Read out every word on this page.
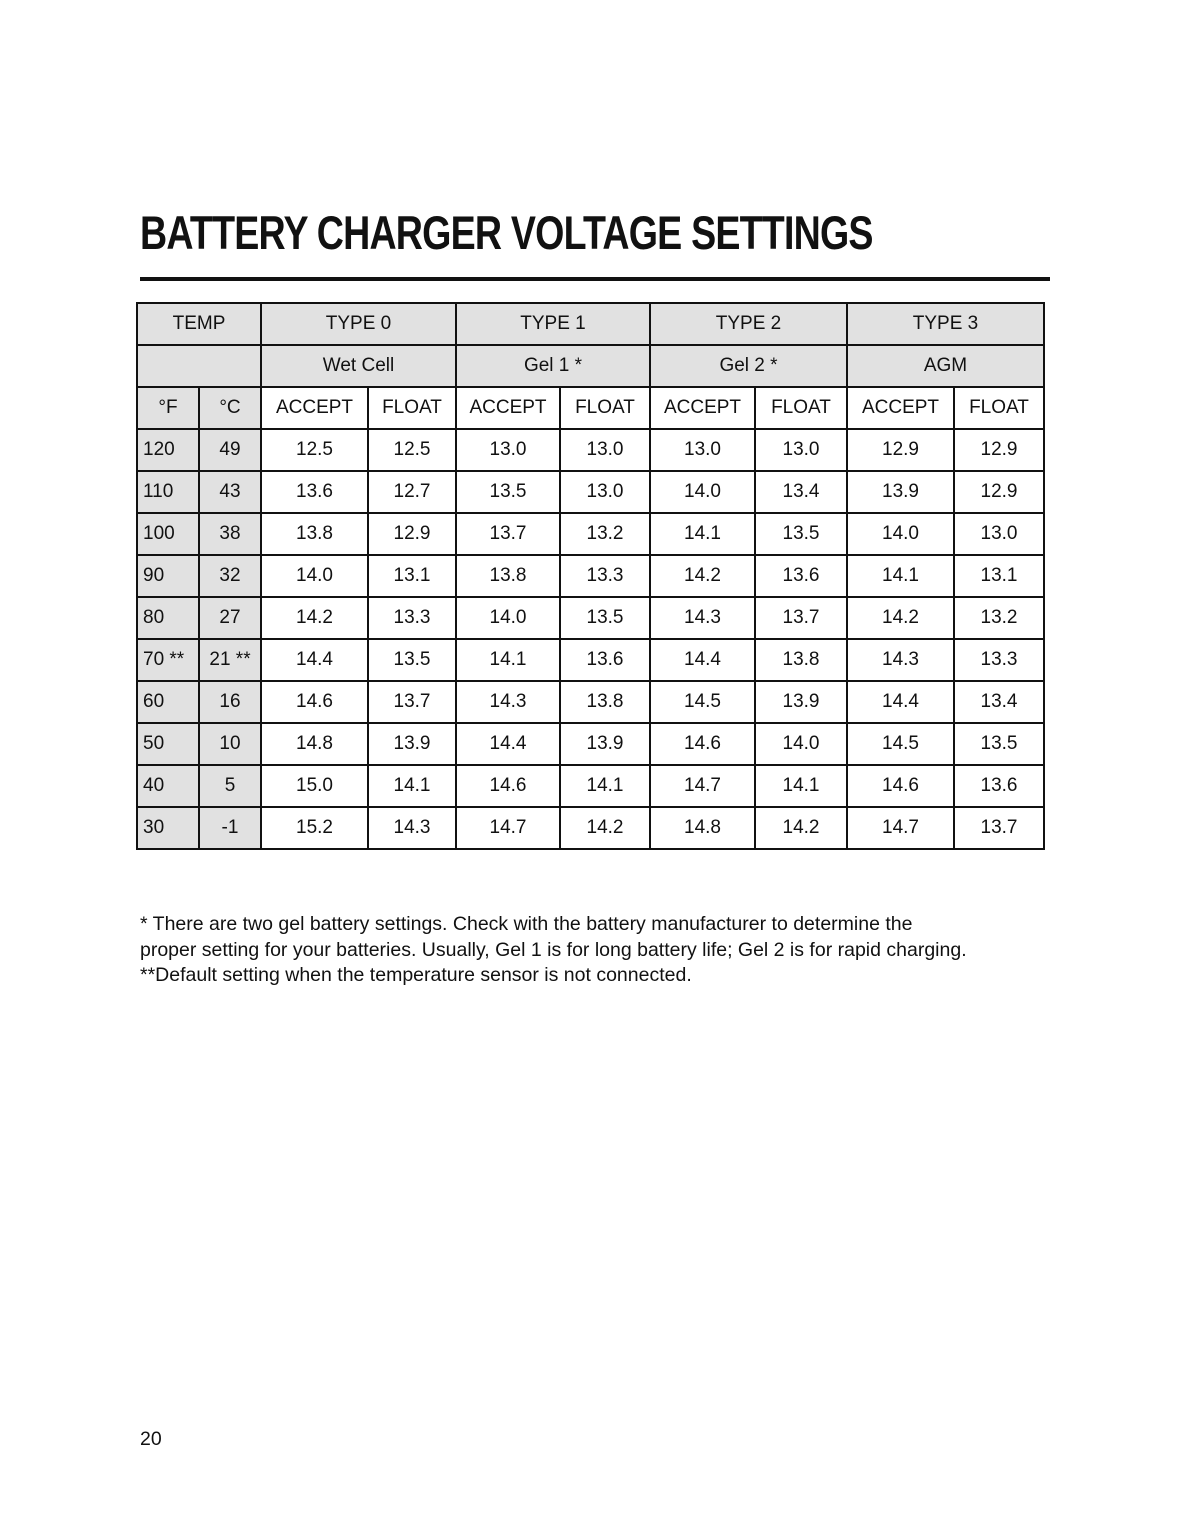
BATTERY CHARGER VOLTAGE SETTINGS
TEMP		TYPE 0		TYPE 1		TYPE 2		TYPE 3	
		Wet Cell		Gel 1 *		Gel 2 *		AGM	
°F	°C	ACCEPT	FLOAT	ACCEPT	FLOAT	ACCEPT	FLOAT	ACCEPT	FLOAT
120	49	12.5	12.5	13.0	13.0	13.0	13.0	12.9	12.9
110	43	13.6	12.7	13.5	13.0	14.0	13.4	13.9	12.9
100	38	13.8	12.9	13.7	13.2	14.1	13.5	14.0	13.0
90	32	14.0	13.1	13.8	13.3	14.2	13.6	14.1	13.1
80	27	14.2	13.3	14.0	13.5	14.3	13.7	14.2	13.2
70 **	21 **	14.4	13.5	14.1	13.6	14.4	13.8	14.3	13.3
60	16	14.6	13.7	14.3	13.8	14.5	13.9	14.4	13.4
50	10	14.8	13.9	14.4	13.9	14.6	14.0	14.5	13.5
40	5	15.0	14.1	14.6	14.1	14.7	14.1	14.6	13.6
30	-1	15.2	14.3	14.7	14.2	14.8	14.2	14.7	13.7
* There are two gel battery settings. Check with the battery manufacturer to determine the
proper setting for your batteries. Usually, Gel 1 is for long battery life; Gel 2 is for rapid charging.
**Default setting when the temperature sensor is not connected.
20
